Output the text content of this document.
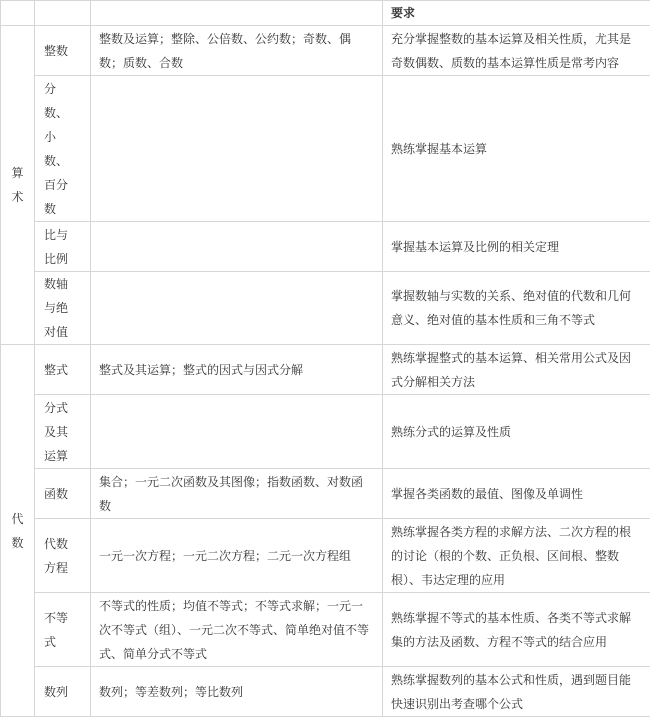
			要求
算术	整数	整数及运算；整除、公倍数、公约数；奇数、偶数；质数、合数	充分掌握整数的基本运算及相关性质，尤其是奇数偶数、质数的基本运算性质是常考内容
	分数、小数、百分数		熟练掌握基本运算
	比与比例		掌握基本运算及比例的相关定理
	数轴与绝对值		掌握数轴与实数的关系、绝对值的代数和几何意义、绝对值的基本性质和三角不等式
代数	整式	整式及其运算；整式的因式与因式分解	熟练掌握整式的基本运算、相关常用公式及因式分解相关方法
	分式及其运算		熟练分式的运算及性质
	函数	集合；一元二次函数及其图像；指数函数、对数函数	掌握各类函数的最值、图像及单调性
	代数方程	一元一次方程；一元二次方程；二元一次方程组	熟练掌握各类方程的求解方法、二次方程的根的讨论（根的个数、正负根、区间根、整数根）、韦达定理的应用
	不等式	不等式的性质；均值不等式；不等式求解；一元一次不等式（组）、一元二次不等式、简单绝对值不等式、简单分式不等式	熟练掌握不等式的基本性质、各类不等式求解集的方法及函数、方程不等式的结合应用
	数列	数列；等差数列；等比数列	熟练掌握数列的基本公式和性质，遇到题目能快速识别出考查哪个公式
